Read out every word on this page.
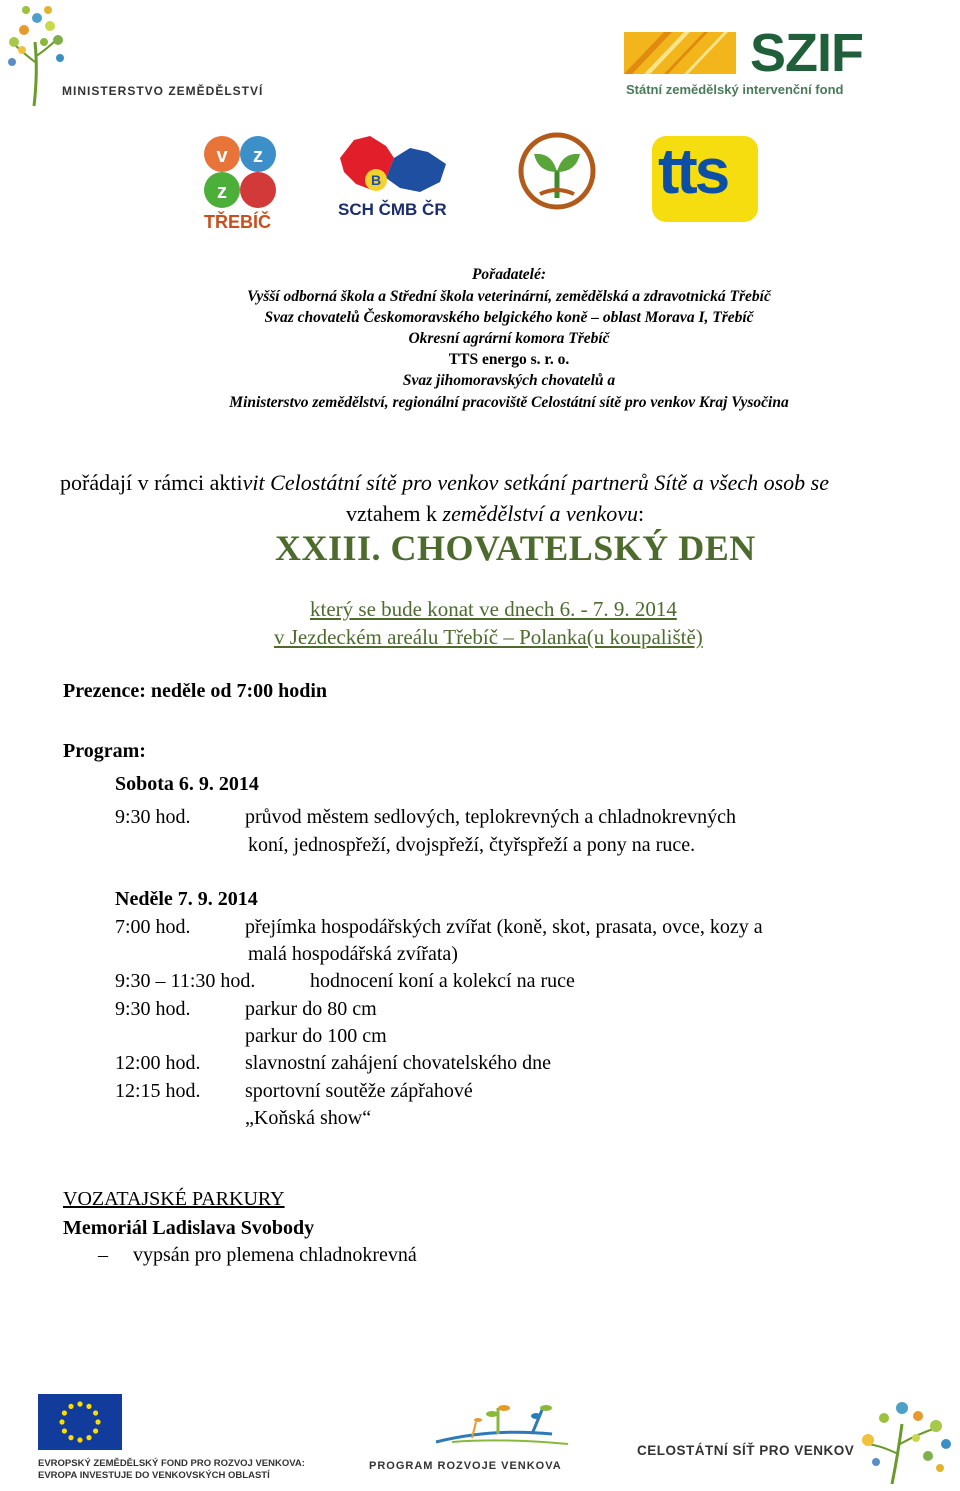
MINISTERSTVO ZEMĚDĚLSTVÍ
SZIF
Státní zemědělský intervenční fond
v z
z
TŘEBÍČ
B
SCH ČMB ČR
tts
Pořadatelé:
Vyšší odborná škola a Střední škola veterinární, zemědělská a zdravotnická Třebíč
Svaz chovatelů Českomoravského belgického koně – oblast Morava I, Třebíč
Okresní agrární komora Třebíč
TTS energo s. r. o.
Svaz jihomoravských chovatelů a
Ministerstvo zemědělství, regionální pracoviště Celostátní sítě pro venkov Kraj Vysočina
pořádají v rámci aktivit Celostátní sítě pro venkov setkání partnerů Sítě a všech osob se
vztahem k zemědělství a venkovu:
XXIII. CHOVATELSKÝ DEN
který se bude konat ve dnech 6. - 7. 9. 2014
v Jezdeckém areálu Třebíč – Polanka(u koupaliště)
Prezence: neděle od 7:00 hodin
Program:
Sobota 6. 9. 2014
9:30 hod.	průvod městem sedlových, teplokrevných a chladnokrevných
koní, jednospřeží, dvojspřeží, čtyřspřeží a pony na ruce.
Neděle 7. 9. 2014
7:00 hod.	přejímka hospodářských zvířat (koně, skot, prasata, ovce, kozy a
malá hospodářská zvířata)
9:30 – 11:30 hod.	hodnocení koní a kolekcí na ruce
9:30 hod.	parkur do 80 cm
parkur do 100 cm
12:00 hod. slavnostní zahájení chovatelského dne
12:15 hod. sportovní soutěže zápřahové
„Koňská show“
VOZATAJSKÉ PARKURY
Memoriál Ladislava Svobody
– vypsán pro plemena chladnokrevná
EVROPSKÝ ZEMĚDĚLSKÝ FOND PRO ROZVOJ VENKOVA:
EVROPA INVESTUJE DO VENKOVSKÝCH OBLASTÍ
PROGRAM ROZVOJE VENKOVA
CELOSTÁTNÍ SÍŤ PRO VENKOV
